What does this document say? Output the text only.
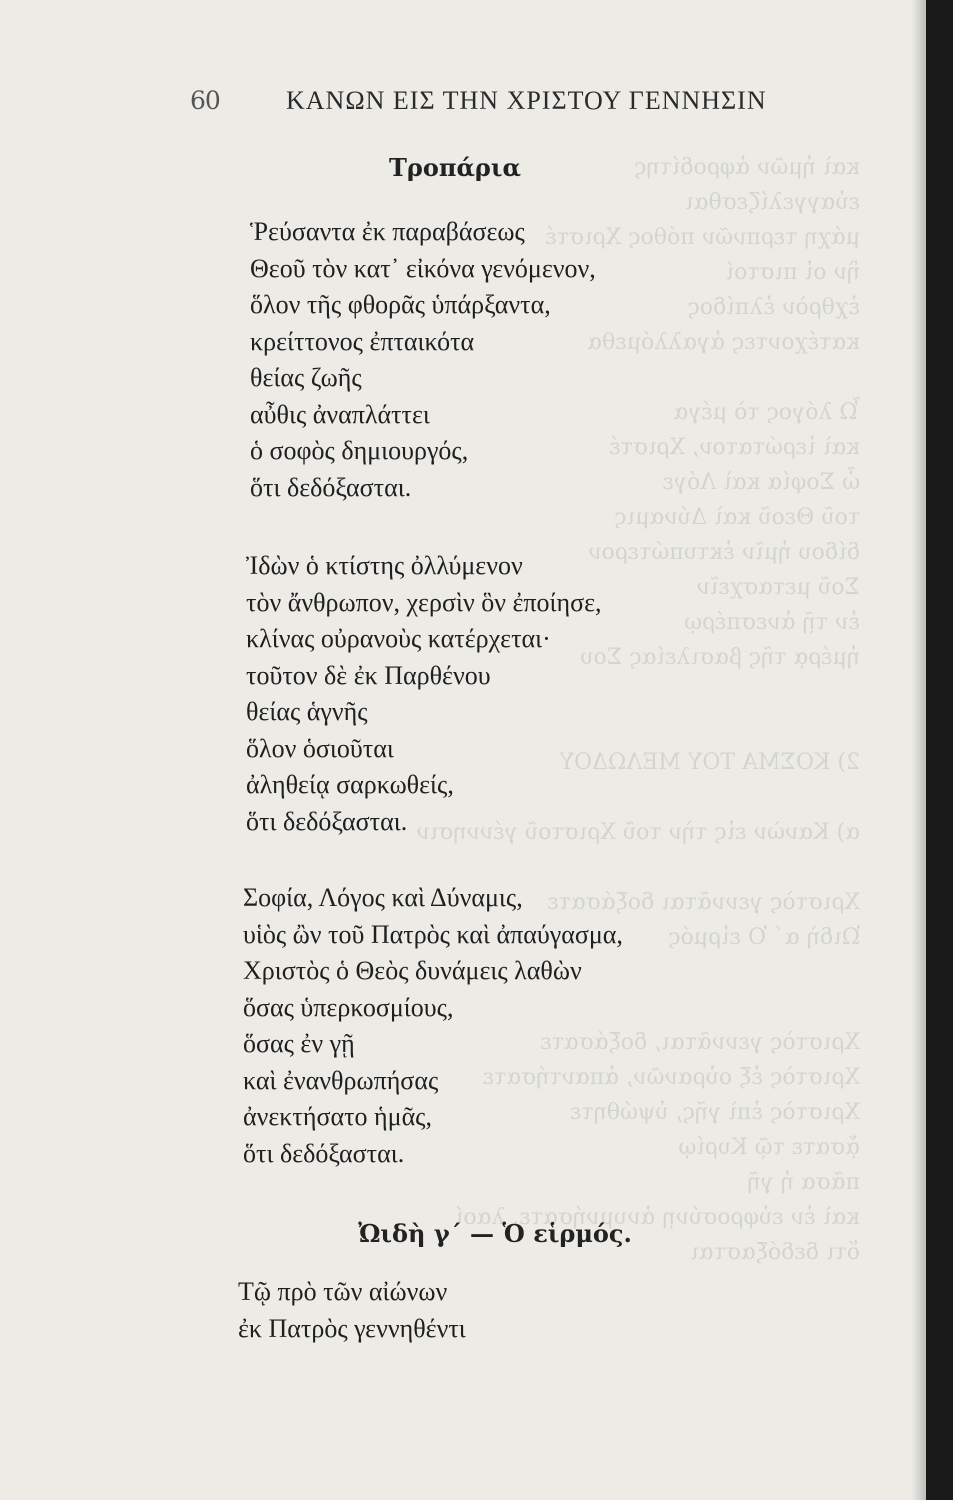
καὶ ἡμῶν ἀφροδίτης
εὐαγγελίζεσθαι
μάχη τερπνῶν πόθος Χριστέ
ἣν οἱ πιστοί
ἐχθρὸν ἐλπίδος
κατέχοντες ἀγαλλόμεθα

Ὦ λόγος τὸ μέγα
καὶ ἱερώτατον, Χριστέ
ὦ Σοφία καὶ Λόγε
τοῦ Θεοῦ καὶ Δύναμις
δίδου ἡμῖν ἐκτυπώτερον
Σοῦ μετασχεῖν
ἐν τῇ ἀνεσπέρῳ
ἡμέρᾳ τῆς βασιλείας Σου

2) ΚΟΣΜΑ ΤΟΥ ΜΕΛΩΔΟΥ

α) Κανὼν εἰς τὴν τοῦ Χριστοῦ γέννησιν

Χριστὸς γεννᾶται δοξάσατε
Ὠιδὴ α΄ Ὁ εἱρμός

Χριστὸς γεννᾶται, δοξάσατε
Χριστὸς ἐξ οὐρανῶν, ἀπαντήσατε
Χριστὸς ἐπὶ γῆς, ὑψώθητε
ᾄσατε τῷ Κυρίῳ
πᾶσα ἡ γῆ
καὶ ἐν εὐφροσύνῃ ἀνυμνήσατε, λαοί
ὅτι δεδόξασται
60	ΚΑΝΩΝ ΕΙΣ ΤΗΝ ΧΡΙΣΤΟΥ ΓΕΝΝΗΣΙΝ
Τροπάρια
Ῥεύσαντα ἐκ παραβάσεως
Θεοῦ τὸν κατ᾿ εἰκόνα γενόμενον,
ὅλον τῆς φθορᾶς ὑπάρξαντα,
κρείττονος ἐπταικότα
θείας ζωῆς
αὖθις ἀναπλάττει
ὁ σοφὸς δημιουργός,
ὅτι δεδόξασται.
Ἰδὼν ὁ κτίστης ὀλλύμενον
τὸν ἄνθρωπον, χερσὶν ὃν ἐποίησε,
κλίνας οὐρανοὺς κατέρχεται·
τοῦτον δὲ ἐκ Παρθένου
θείας ἁγνῆς
ὅλον ὁσιοῦται
ἀληθείᾳ σαρκωθείς,
ὅτι δεδόξασται.
Σοφία, Λόγος καὶ Δύναμις,
υἱὸς ὢν τοῦ Πατρὸς καὶ ἀπαύγασμα,
Χριστὸς ὁ Θεὸς δυνάμεις λαθὼν
ὅσας ὑπερκοσμίους,
ὅσας ἐν γῇ
καὶ ἐνανθρωπήσας
ἀνεκτήσατο ἡμᾶς,
ὅτι δεδόξασται.
Ὠιδὴ γ΄ — Ὁ εἱρμός.
Τῷ πρὸ τῶν αἰώνων
ἐκ Πατρὸς γεννηθέντι
